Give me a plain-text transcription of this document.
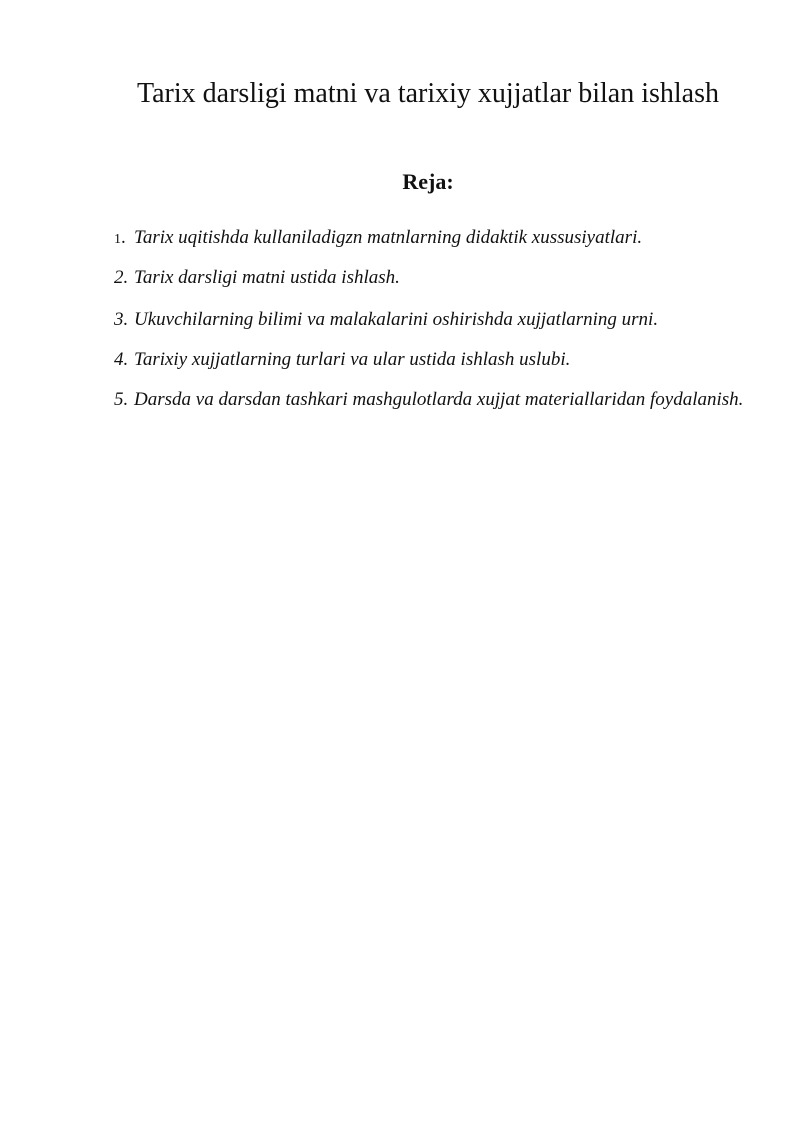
Tarix darsligi matni va tarixiy xujjatlar bilan ishlash
Reja:
1. Tarix uqitishda kullaniladigzn matnlarning didaktik xussusiyatlari.
2. Tarix darsligi matni ustida ishlash.
3. Ukuvchilarning bilimi va malakalarini oshirishda xujjatlarning urni.
4. Tarixiy xujjatlarning turlari va ular ustida ishlash uslubi.
5. Darsda va darsdan tashkari mashgulotlarda xujjat materiallaridan foydalanish.
